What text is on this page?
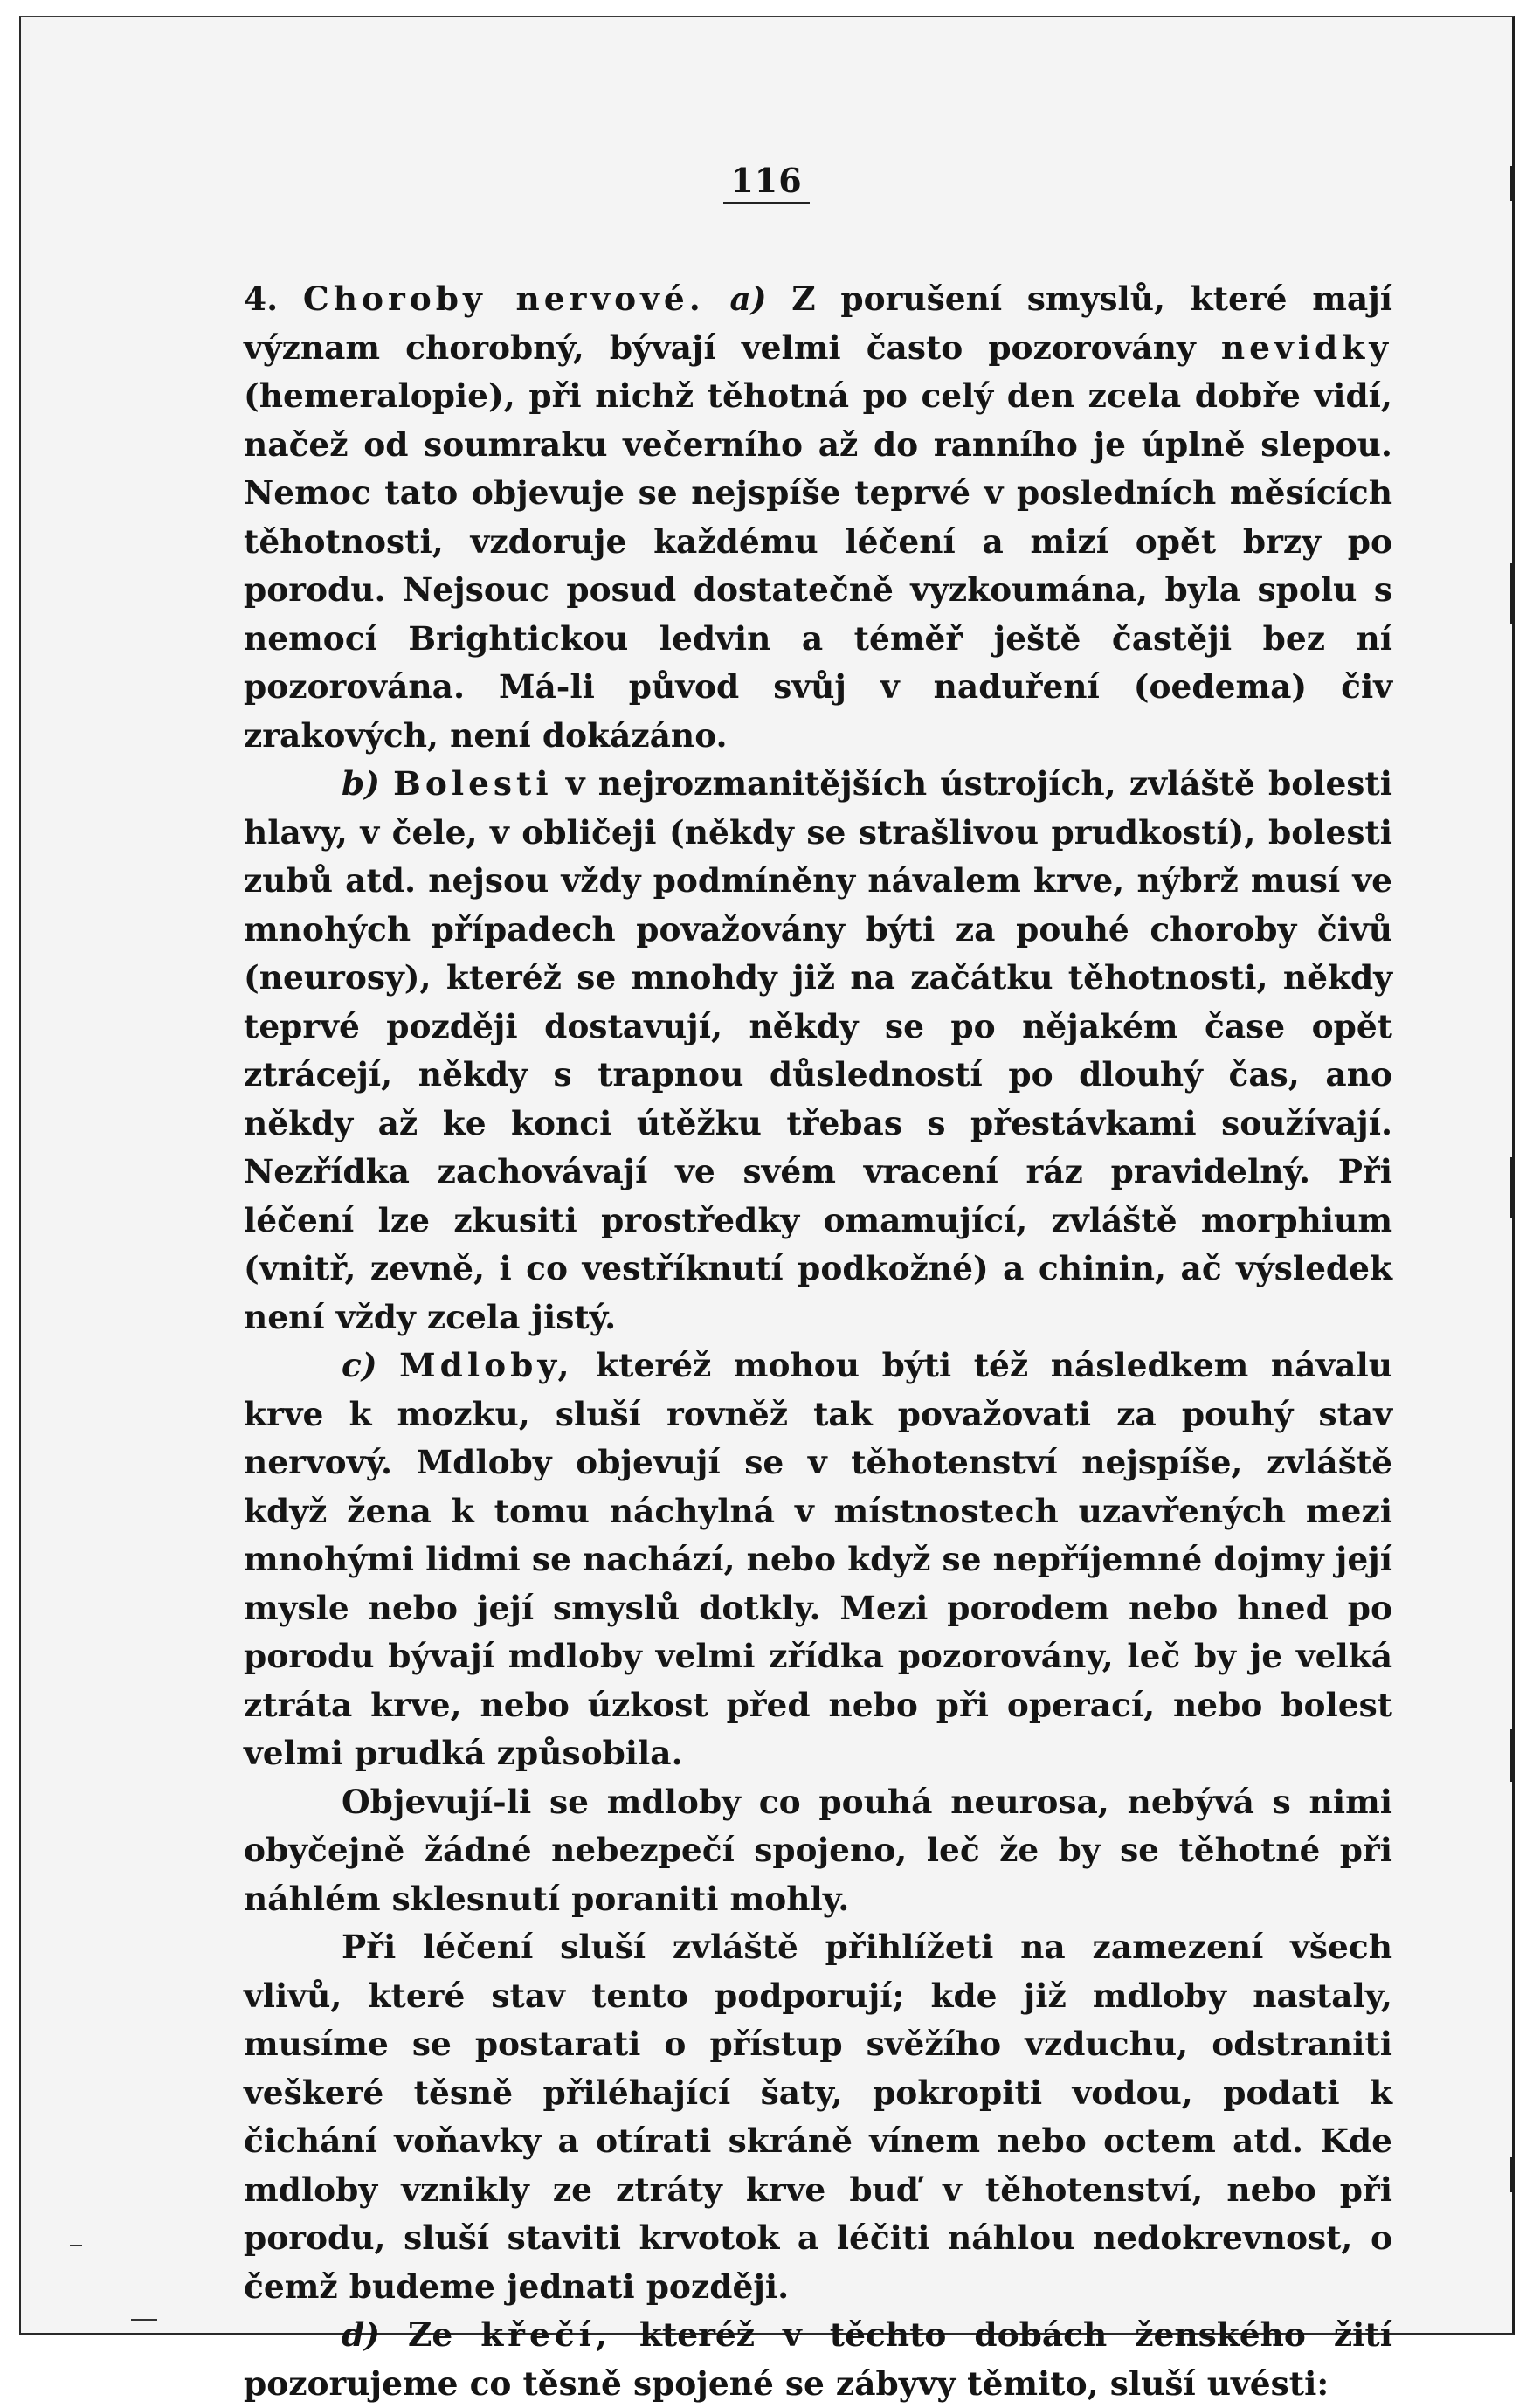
116

4. Choroby nervové. a) Z porušení smyslů, které mají význam chorobný, bývají velmi často pozorovány nevidky (hemeralopie), při nichž těhotná po celý den zcela dobře vidí, načež od soumraku večerního až do ranního je úplně slepou. Nemoc tato objevuje se nejspíše teprvé v posledních měsících těhotnosti, vzdoruje každému léčení a mizí opět brzy po porodu. Nejsouc posud dostatečně vyzkoumána, byla spolu s nemocí Brightickou ledvin a téměř ještě častěji bez ní pozorována. Má-li původ svůj v naduření (oedema) čiv zrakových, není dokázáno.

b) Bolesti v nejrozmanitějších ústrojích, zvláště bolesti hlavy, v čele, v obličeji (někdy se strašlivou prudkostí), bolesti zubů atd. nejsou vždy podmíněny návalem krve, nýbrž musí ve mnohých případech považovány býti za pouhé choroby čivů (neurosy), kteréž se mnohdy již na začátku těhotnosti, někdy teprvé později dostavují, někdy se po nějakém čase opět ztrácejí, někdy s trapnou důsledností po dlouhý čas, ano někdy až ke konci útěžku třebas s přestávkami soužívají. Nezřídka zachovávají ve svém vracení ráz pravidelný. Při léčení lze zkusiti prostředky omamující, zvláště morphium (vnitř, zevně, i co vestříknutí podkožné) a chinin, ač výsledek není vždy zcela jistý.

c) Mdloby, kteréž mohou býti též následkem návalu krve k mozku, sluší rovněž tak považovati za pouhý stav nervový. Mdloby objevují se v těhotenství nejspíše, zvláště když žena k tomu náchylná v místnostech uzavřených mezi mnohými lidmi se nachází, nebo když se nepříjemné dojmy její mysle nebo její smyslů dotkly. Mezi porodem nebo hned po porodu bývají mdloby velmi zřídka pozorovány, leč by je velká ztráta krve, nebo úzkost před nebo při operací, nebo bolest velmi prudká způsobila.

Objevují-li se mdloby co pouhá neurosa, nebývá s nimi obyčejně žádné nebezpečí spojeno, leč že by se těhotné při náhlém sklesnutí poraniti mohly.

Při léčení sluší zvláště přihlížeti na zamezení všech vlivů, které stav tento podporují; kde již mdloby nastaly, musíme se postarati o přístup svěžího vzduchu, odstraniti veškeré těsně přiléhající šaty, pokropiti vodou, podati k čichání voňavky a otírati skráně vínem nebo octem atd. Kde mdloby vznikly ze ztráty krve buď v těhotenství, nebo při porodu, sluší staviti krvotok a léčiti náhlou nedokrevnost, o čemž budeme jednati později.

d) Ze křečí, kteréž v těchto dobách ženského žití pozorujeme co těsně spojené se zábyvy těmito, sluší uvésti:
